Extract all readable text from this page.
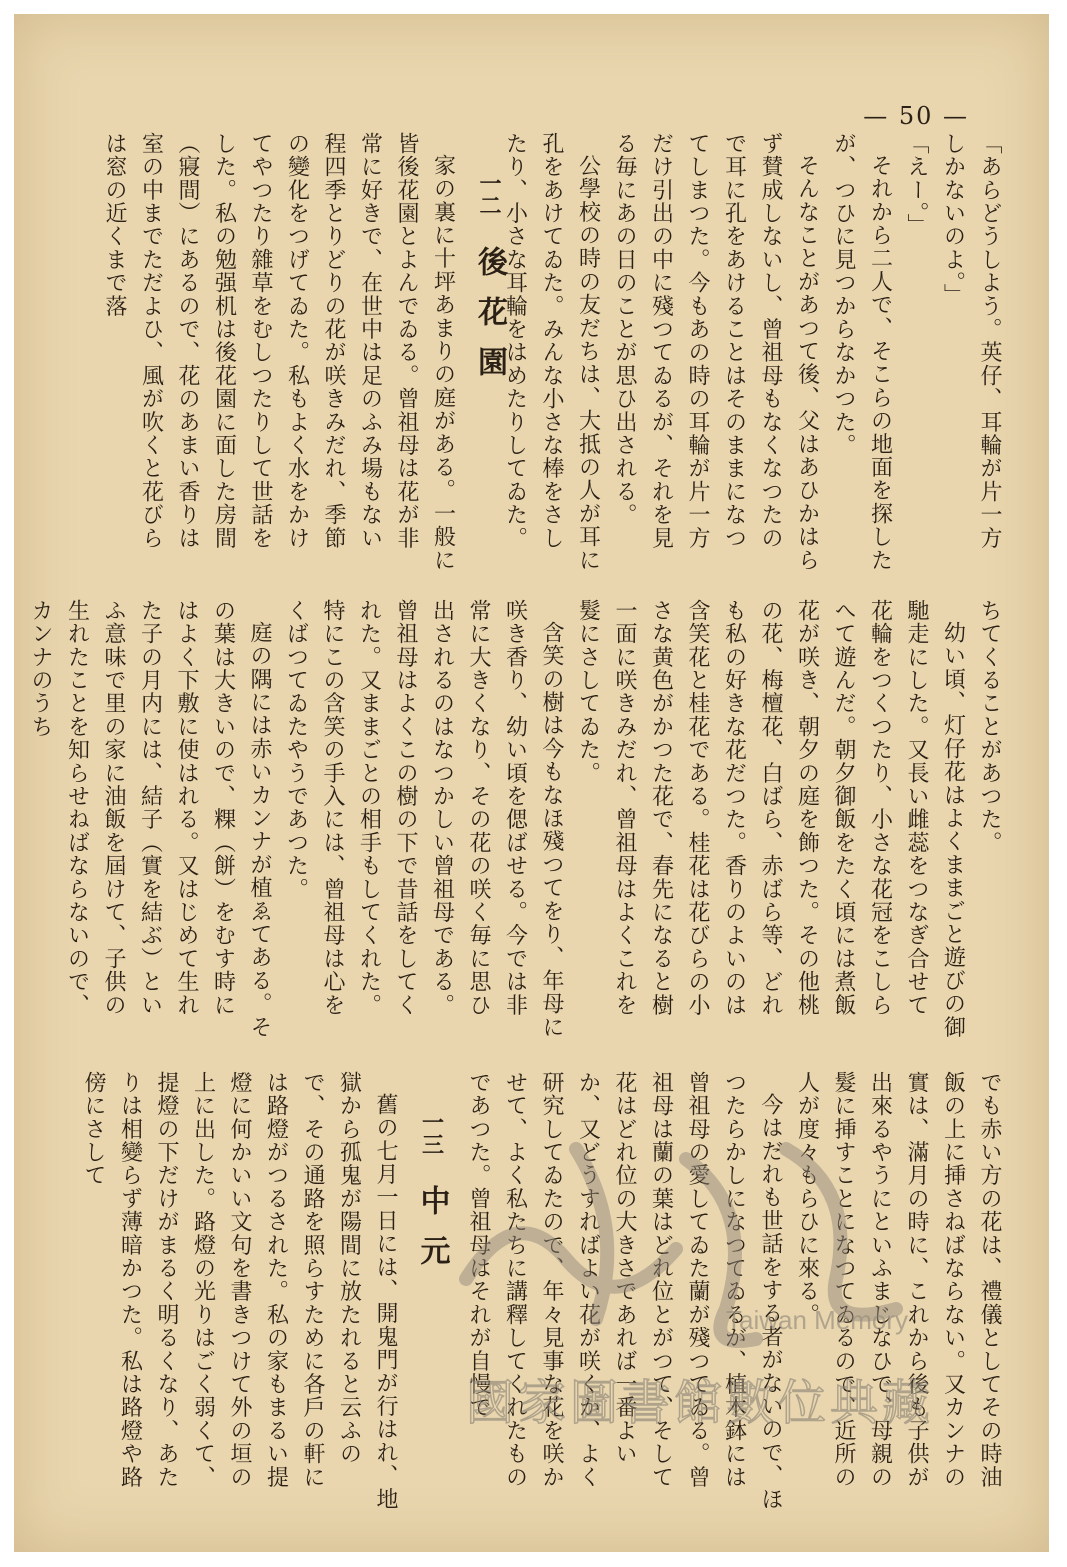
— 50 —

「あらどうしよう。英仔、耳輪が片一方しかないのよ。」

「えー。」

それから二人で、そこらの地面を探したが、つひに見つからなかつた。

そんなことがあつて後、父はあひかはらず賛成しないし、曾祖母もなくなつたので耳に孔をあけることはそのままになつてしまつた。今もあの時の耳輪が片一方だけ引出の中に殘つてゐるが、それを見る毎にあの日のことが思ひ出される。

公學校の時の友だちは、大抵の人が耳に孔をあけてゐた。みんな小さな棒をさしたり、小さな耳輪をはめたりしてゐた。

一二後花園

家の裏に十坪あまりの庭がある。一般に皆後花園とよんでゐる。曾祖母は花が非常に好きで、在世中は足のふみ場もない程四季とりどりの花が咲きみだれ、季節の變化をつげてゐた。私もよく水をかけてやつたり雜草をむしつたりして世話をした。私の勉强机は後花園に面した房間（寢間）にあるので、花のあまい香りは室の中までただよひ、風が吹くと花びらは窓の近くまで落

ちてくることがあつた。

幼い頃、灯仔花はよくままごと遊びの御馳走にした。又長い雌蕊をつなぎ合せて花輪をつくつたり、小さな花冠をこしらへて遊んだ。朝夕御飯をたく頃には煮飯花が咲き、朝夕の庭を飾つた。その他桃の花、梅檀花、白ばら、赤ばら等、どれも私の好きな花だつた。香りのよいのは含笑花と桂花である。桂花は花びらの小さな黄色がかつた花で、春先になると樹一面に咲きみだれ、曾祖母はよくこれを髮にさしてゐた。

含笑の樹は今もなほ殘つてをり、年母に咲き香り、幼い頃を偲ばせる。今では非常に大きくなり、その花の咲く毎に思ひ出されるのはなつかしい曾祖母である。曾祖母はよくこの樹の下で昔話をしてくれた。又ままごとの相手もしてくれた。特にこの含笑の手入には、曾祖母は心をくばつてゐたやうであつた。

庭の隅には赤いカンナが植ゑてある。その葉は大きいので、粿（餅）をむす時にはよく下敷に使はれる。又はじめて生れた子の月内には、結子（實を結ぶ）といふ意味で里の家に油飯を屆けて、子供の生れたことを知らせねばならないので、カンナのうち

でも赤い方の花は、禮儀としてその時油飯の上に挿さねばならない。又カンナの實は、滿月の時に、これから後も子供が出來るやうにといふまじなひで、母親の髮に挿すことになつてゐるので、近所の人が度々もらひに來る。

今はだれも世話をする者がないので、ほつたらかしになつてゐるが、植木鉢には曾祖母の愛してゐた蘭が殘つてゐる。曾祖母は蘭の葉はどれ位とがつて、そして花はどれ位の大きさであれば一番よいか、又どうすればよい花が咲くか、よく研究してゐたので、年々見事な花を咲かせて、よく私たちに講釋してくれたものであつた。曾祖母はそれが自慢で

一三中元

舊の七月一日には、開鬼門が行はれ、地獄から孤鬼が陽間に放たれると云ふので、その通路を照らすために各戶の軒には路燈がつるされた。私の家もまるい提燈に何かいい文句を書きつけて外の垣の上に出した。路燈の光りはごく弱くて、提燈の下だけがまるく明るくなり、あたりは相變らず薄暗かつた。私は路燈や路傍にさして

Taiwan Memory
國家圖書館數位典藏
